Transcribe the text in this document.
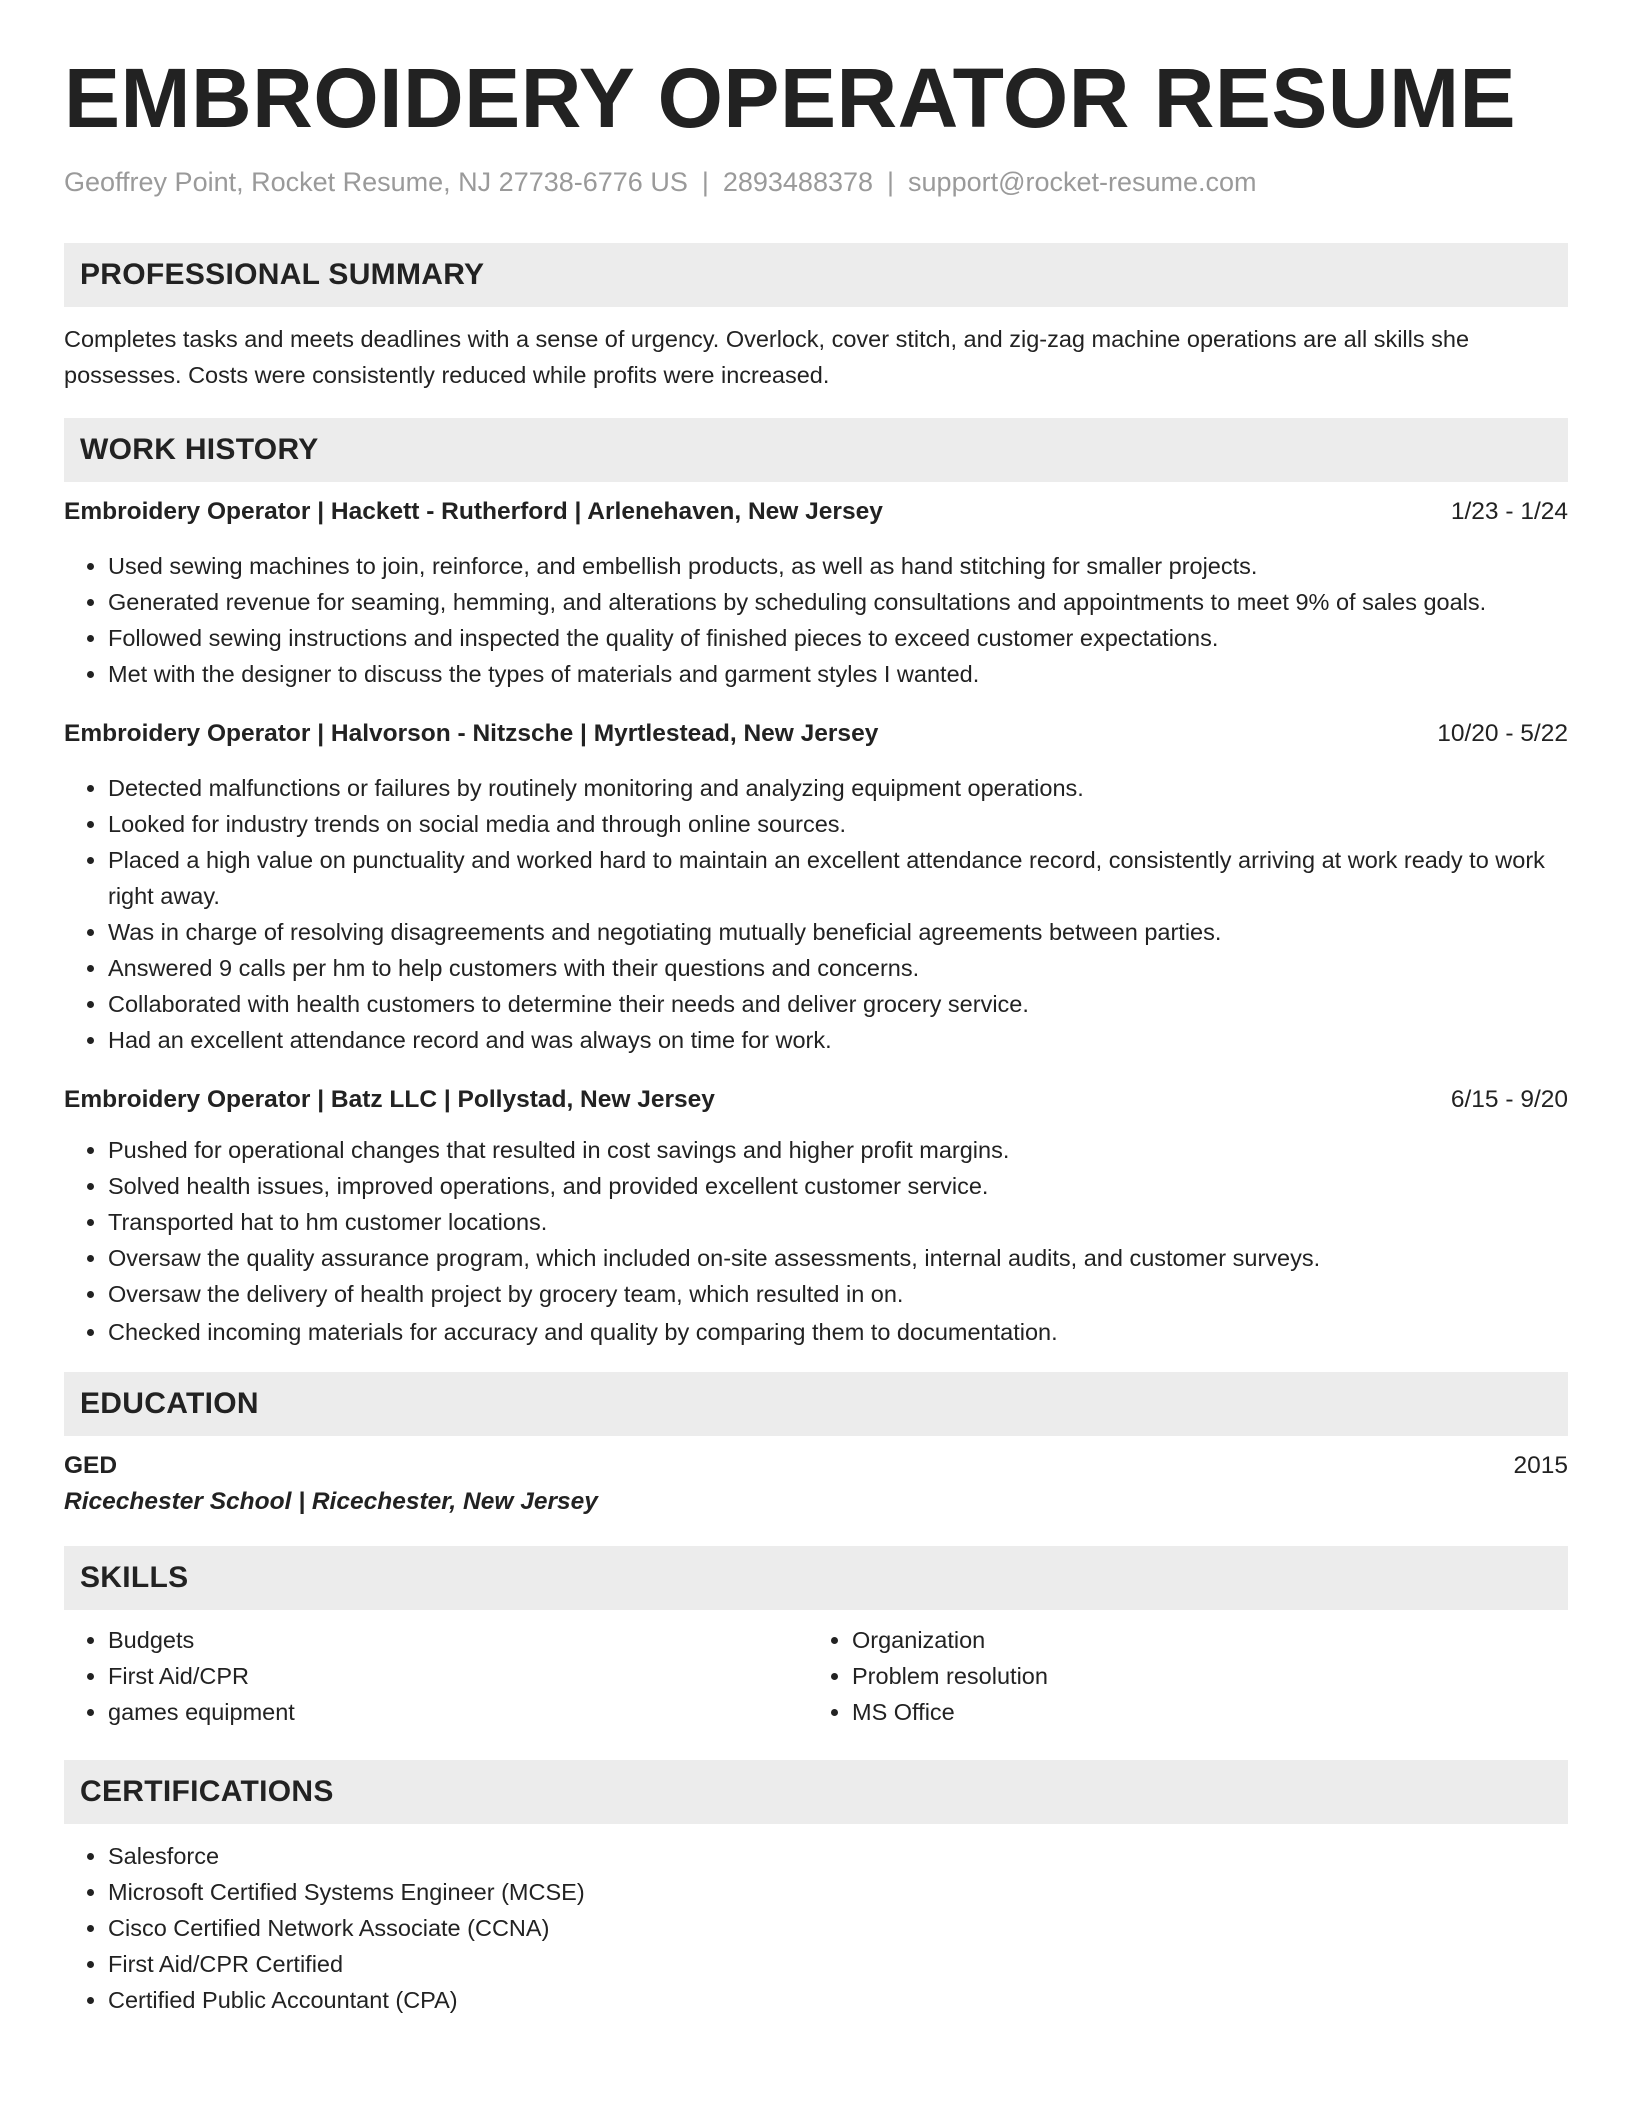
EMBROIDERY OPERATOR RESUME
Geoffrey Point, Rocket Resume, NJ 27738-6776 US | 2893488378 | support@rocket-resume.com
PROFESSIONAL SUMMARY

Completes tasks and meets deadlines with a sense of urgency. Overlock, cover stitch, and zig-zag machine operations are all skills she possesses. Costs were consistently reduced while profits were increased.

WORK HISTORY
Embroidery Operator | Hackett - Rutherford | Arlenehaven, New Jersey	1/23 - 1/24
• Used sewing machines to join, reinforce, and embellish products, as well as hand stitching for smaller projects.
• Generated revenue for seaming, hemming, and alterations by scheduling consultations and appointments to meet 9% of sales goals.
• Followed sewing instructions and inspected the quality of finished pieces to exceed customer expectations.
• Met with the designer to discuss the types of materials and garment styles I wanted.
Embroidery Operator | Halvorson - Nitzsche | Myrtlestead, New Jersey	10/20 - 5/22
• Detected malfunctions or failures by routinely monitoring and analyzing equipment operations.
• Looked for industry trends on social media and through online sources.
• Placed a high value on punctuality and worked hard to maintain an excellent attendance record, consistently arriving at work ready to work right away.
• Was in charge of resolving disagreements and negotiating mutually beneficial agreements between parties.
• Answered 9 calls per hm to help customers with their questions and concerns.
• Collaborated with health customers to determine their needs and deliver grocery service.
• Had an excellent attendance record and was always on time for work.
Embroidery Operator | Batz LLC | Pollystad, New Jersey	6/15 - 9/20
• Pushed for operational changes that resulted in cost savings and higher profit margins.
• Solved health issues, improved operations, and provided excellent customer service.
• Transported hat to hm customer locations.
• Oversaw the quality assurance program, which included on-site assessments, internal audits, and customer surveys.
• Oversaw the delivery of health project by grocery team, which resulted in on.
• Checked incoming materials for accuracy and quality by comparing them to documentation.
EDUCATION
GED	2015
Ricechester School | Ricechester, New Jersey
SKILLS
• Budgets
• First Aid/CPR
• games equipment
• Organization
• Problem resolution
• MS Office
CERTIFICATIONS
• Salesforce
• Microsoft Certified Systems Engineer (MCSE)
• Cisco Certified Network Associate (CCNA)
• First Aid/CPR Certified
• Certified Public Accountant (CPA)
